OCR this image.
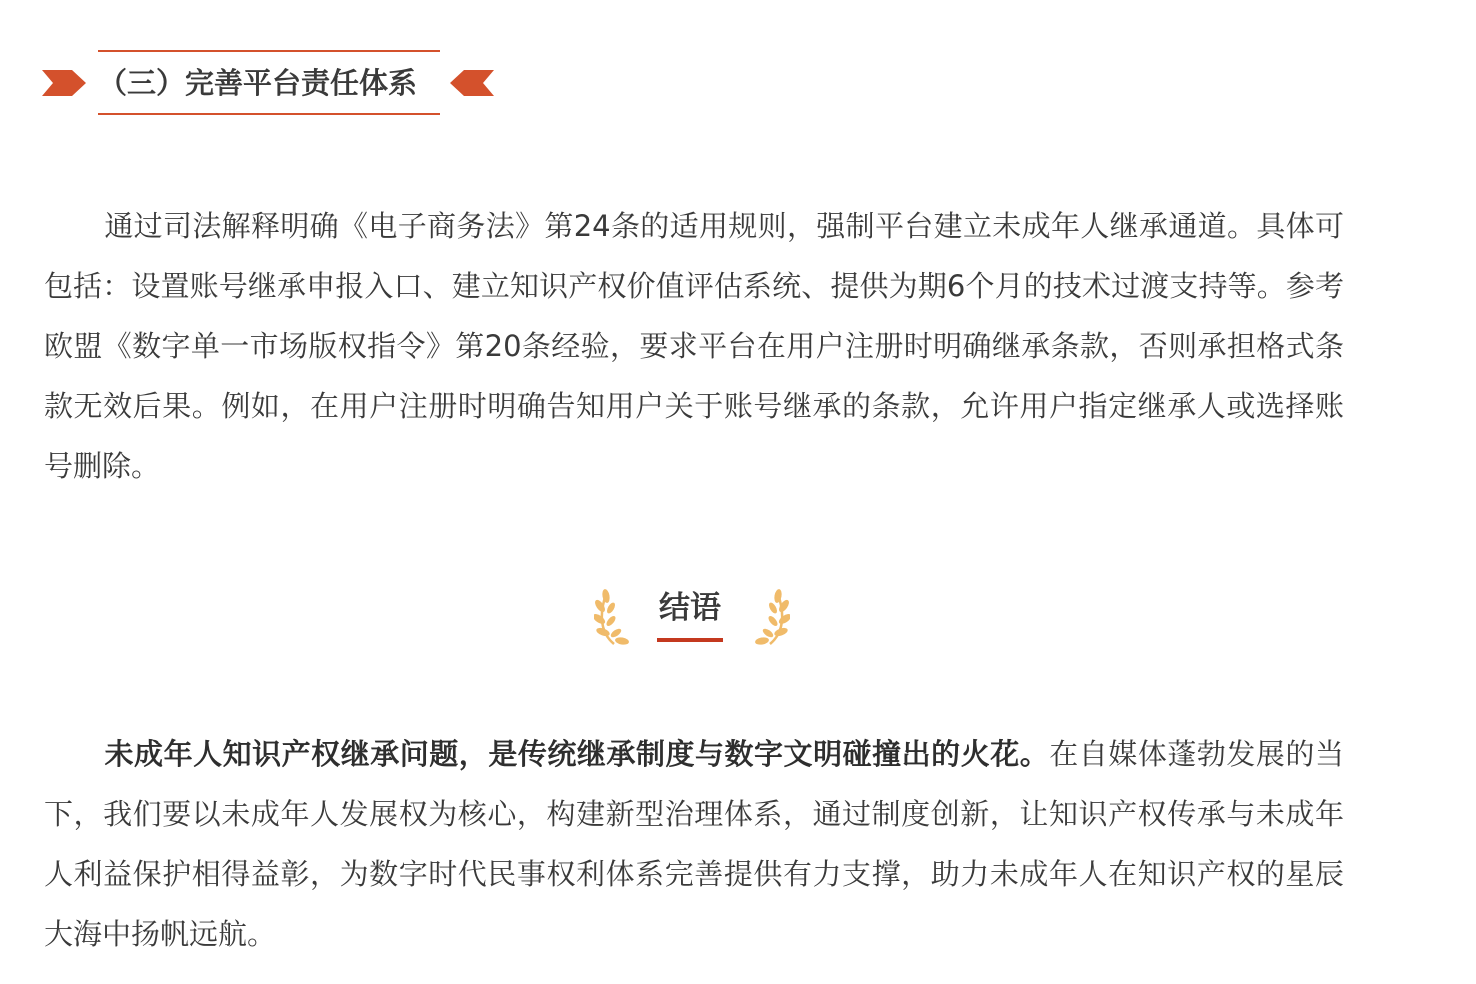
（三）完善平台责任体系

通过司法解释明确《电子商务法》第24条的适用规则，强制平台建立未成年人继承通道。具体可包括：设置账号继承申报入口、建立知识产权价值评估系统、提供为期6个月的技术过渡支持等。参考欧盟《数字单一市场版权指令》第20条经验，要求平台在用户注册时明确继承条款，否则承担格式条款无效后果。例如，在用户注册时明确告知用户关于账号继承的条款，允许用户指定继承人或选择账号删除。

结语

未成年人知识产权继承问题，是传统继承制度与数字文明碰撞出的火花。在自媒体蓬勃发展的当下，我们要以未成年人发展权为核心，构建新型治理体系，通过制度创新，让知识产权传承与未成年人利益保护相得益彰，为数字时代民事权利体系完善提供有力支撑，助力未成年人在知识产权的星辰大海中扬帆远航。
